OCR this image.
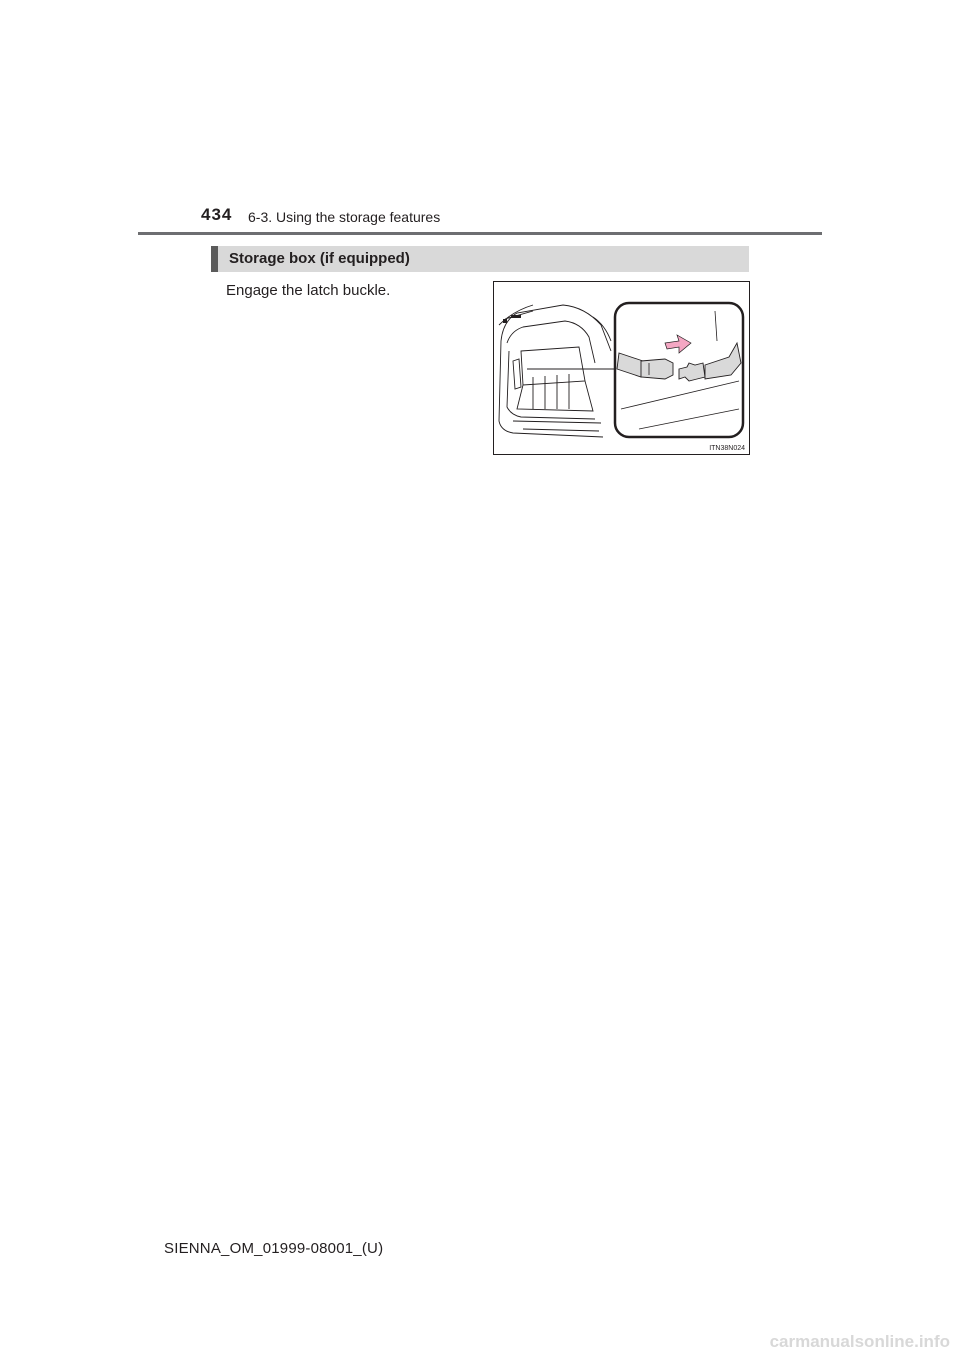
434 6-3. Using the storage features
Storage box (if equipped)
Engage the latch buckle.
ITN38N024
SIENNA_OM_01999-08001_(U)
carmanualsonline.info
